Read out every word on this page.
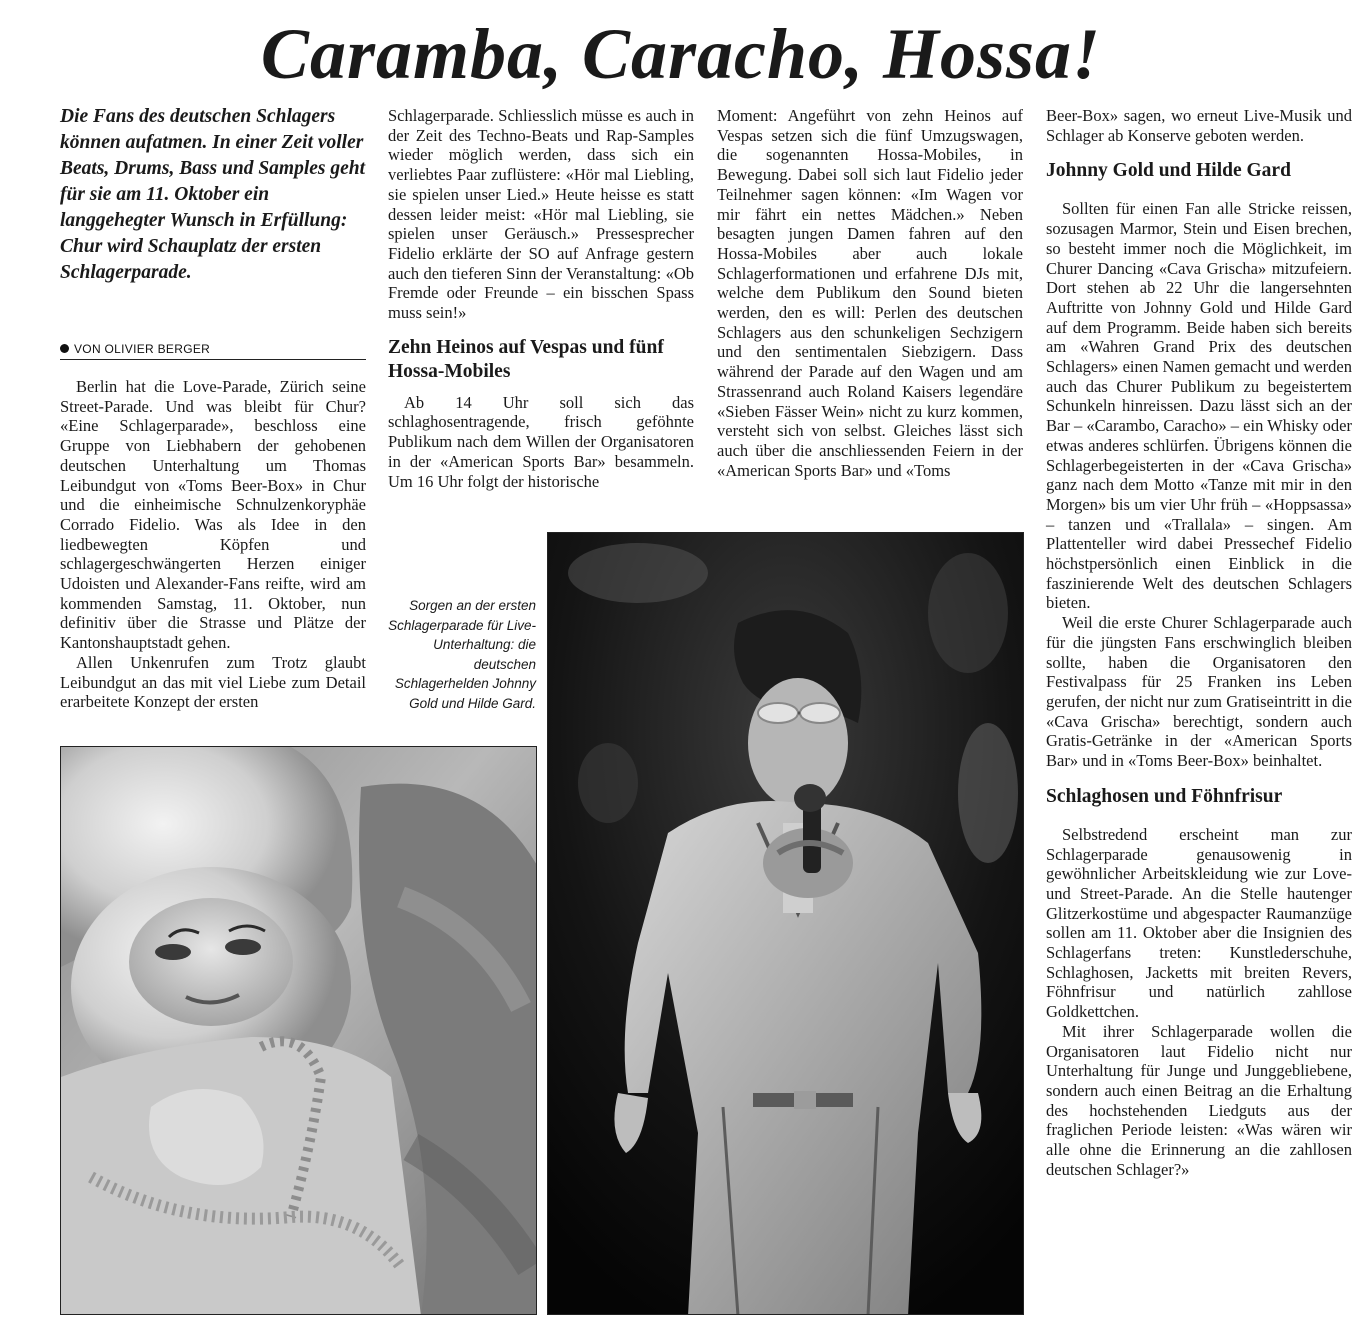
Caramba, Caracho, Hossa!
Die Fans des deutschen Schlagers können aufatmen. In einer Zeit voller Beats, Drums, Bass und Samples geht für sie am 11. Oktober ein langgehegter Wunsch in Erfüllung: Chur wird Schauplatz der ersten Schlagerparade.
VON OLIVIER BERGER

Berlin hat die Love-Parade, Zürich seine Street-Parade. Und was bleibt für Chur? «Eine Schlagerparade», beschloss eine Gruppe von Liebhabern der gehobenen deutschen Unterhaltung um Thomas Leibundgut von «Toms Beer-Box» in Chur und die einheimische Schnulzenkoryphäe Corrado Fidelio. Was als Idee in den liedbewegten Köpfen und schlagergeschwängerten Herzen einiger Udoisten und Alexander-Fans reifte, wird am kommenden Samstag, 11. Oktober, nun definitiv über die Strasse und Plätze der Kantonshauptstadt gehen.

Allen Unkenrufen zum Trotz glaubt Leibundgut an das mit viel Liebe zum Detail erarbeitete Konzept der ersten

Schlagerparade. Schliesslich müsse es auch in der Zeit des Techno-Beats und Rap-Samples wieder möglich werden, dass sich ein verliebtes Paar zuflüstere: «Hör mal Liebling, sie spielen unser Lied.» Heute heisse es statt dessen leider meist: «Hör mal Liebling, sie spielen unser Geräusch.» Pressesprecher Fidelio erklärte der SO auf Anfrage gestern auch den tieferen Sinn der Veranstaltung: «Ob Fremde oder Freunde – ein bisschen Spass muss sein!»

Zehn Heinos auf Vespas und fünf Hossa-Mobiles

Ab 14 Uhr soll sich das schlaghosentragende, frisch geföhnte Publikum nach dem Willen der Organisatoren in der «American Sports Bar» besammeln. Um 16 Uhr folgt der historische

Moment: Angeführt von zehn Heinos auf Vespas setzen sich die fünf Umzugswagen, die sogenannten Hossa-Mobiles, in Bewegung. Dabei soll sich laut Fidelio jeder Teilnehmer sagen können: «Im Wagen vor mir fährt ein nettes Mädchen.» Neben besagten jungen Damen fahren auf den Hossa-Mobiles aber auch lokale Schlagerformationen und erfahrene DJs mit, welche dem Publikum den Sound bieten werden, den es will: Perlen des deutschen Schlagers aus den schunkeligen Sechzigern und den sentimentalen Siebzigern. Dass während der Parade auf den Wagen und am Strassenrand auch Roland Kaisers legendäre «Sieben Fässer Wein» nicht zu kurz kommen, versteht sich von selbst. Gleiches lässt sich auch über die anschliessenden Feiern in der «American Sports Bar» und «Toms

Beer-Box» sagen, wo erneut Live-Musik und Schlager ab Konserve geboten werden.

Johnny Gold und Hilde Gard

Sollten für einen Fan alle Stricke reissen, sozusagen Marmor, Stein und Eisen brechen, so besteht immer noch die Möglichkeit, im Churer Dancing «Cava Grischa» mitzufeiern. Dort stehen ab 22 Uhr die langersehnten Auftritte von Johnny Gold und Hilde Gard auf dem Programm. Beide haben sich bereits am «Wahren Grand Prix des deutschen Schlagers» einen Namen gemacht und werden auch das Churer Publikum zu begeistertem Schunkeln hinreissen. Dazu lässt sich an der Bar – «Carambo, Caracho» – ein Whisky oder etwas anderes schlürfen. Übrigens können die Schlagerbegeisterten in der «Cava Grischa» ganz nach dem Motto «Tanze mit mir in den Morgen» bis um vier Uhr früh – «Hoppsassa» – tanzen und «Trallala» – singen. Am Plattenteller wird dabei Pressechef Fidelio höchstpersönlich einen Einblick in die faszinierende Welt des deutschen Schlagers bieten.

Weil die erste Churer Schlagerparade auch für die jüngsten Fans erschwinglich bleiben sollte, haben die Organisatoren den Festivalpass für 25 Franken ins Leben gerufen, der nicht nur zum Gratiseintritt in die «Cava Grischa» berechtigt, sondern auch Gratis-Getränke in der «American Sports Bar» und in «Toms Beer-Box» beinhaltet.

Schlaghosen und Föhnfrisur

Selbstredend erscheint man zur Schlagerparade genausowenig in gewöhnlicher Arbeitskleidung wie zur Love- und Street-Parade. An die Stelle hautenger Glitzerkostüme und abgespacter Raumanzüge sollen am 11. Oktober aber die Insignien des Schlagerfans treten: Kunstlederschuhe, Schlaghosen, Jacketts mit breiten Revers, Föhnfrisur und natürlich zahllose Goldkettchen.

Mit ihrer Schlagerparade wollen die Organisatoren laut Fidelio nicht nur Unterhaltung für Junge und Junggebliebene, sondern auch einen Beitrag an die Erhaltung des hochstehenden Liedguts aus der fraglichen Periode leisten: «Was wären wir alle ohne die Erinnerung an die zahllosen deutschen Schlager?»

Sorgen an der ersten Schlagerparade für Live-Unterhaltung: die deutschen Schlagerhelden Johnny Gold und Hilde Gard.
